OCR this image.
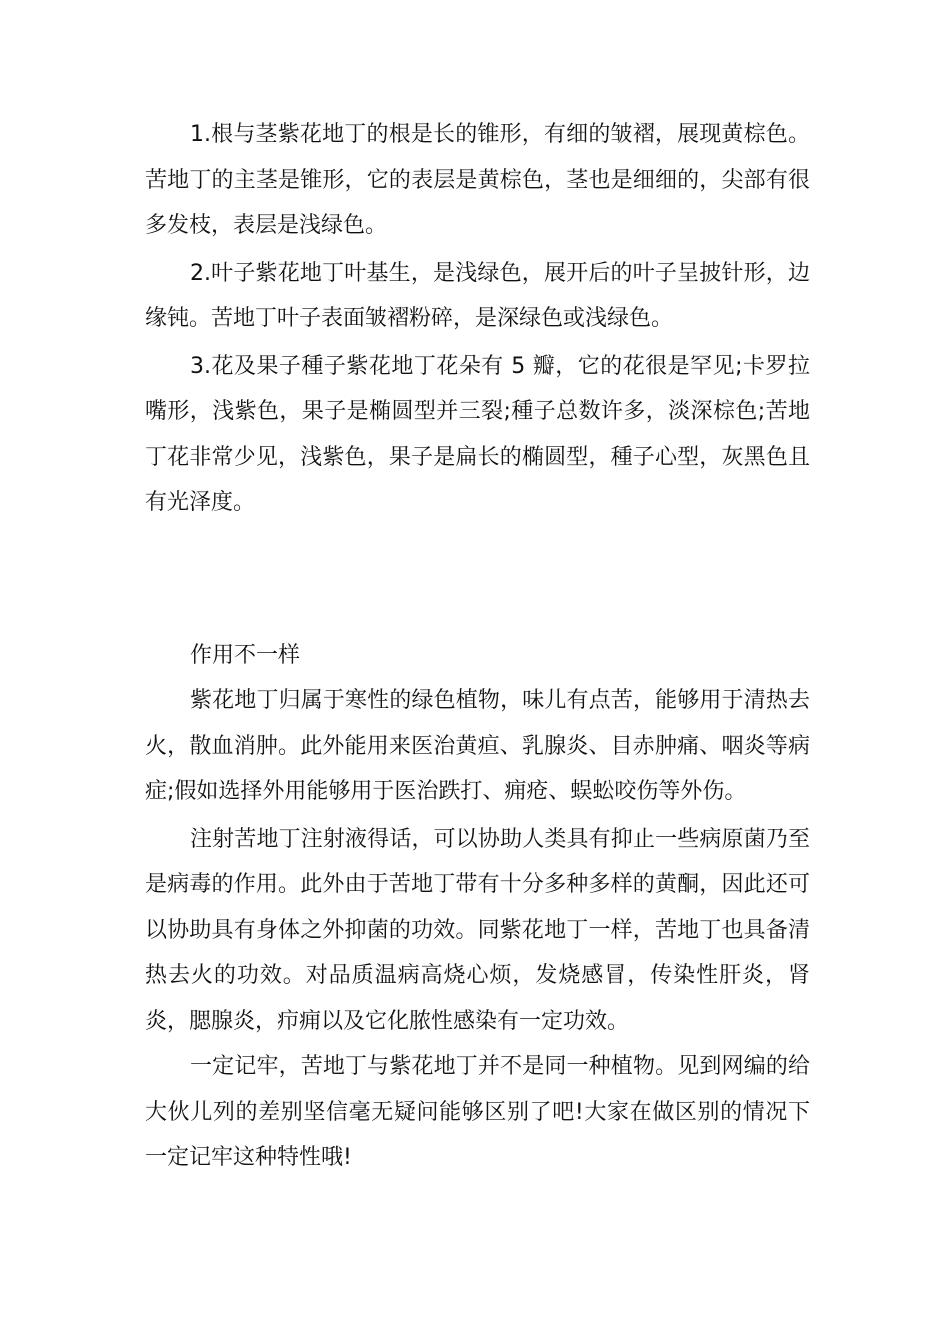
1.根与茎紫花地丁的根是长的锥形，有细的皱褶，展现黄棕色。苦地丁的主茎是锥形，它的表层是黄棕色，茎也是细细的，尖部有很多发枝，表层是浅绿色。

2.叶子紫花地丁叶基生，是浅绿色，展开后的叶子呈披针形，边缘钝。苦地丁叶子表面皱褶粉碎，是深绿色或浅绿色。

3.花及果子種子紫花地丁花朵有 5 瓣，它的花很是罕见;卡罗拉嘴形，浅紫色，果子是椭圆型并三裂;種子总数许多，淡深棕色;苦地丁花非常少见，浅紫色，果子是扁长的椭圆型，種子心型，灰黑色且有光泽度。

作用不一样

紫花地丁归属于寒性的绿色植物，味儿有点苦，能够用于清热去火，散血消肿。此外能用来医治黄疸、乳腺炎、目赤肿痛、咽炎等病症;假如选择外用能够用于医治跌打、痈疮、蜈蚣咬伤等外伤。

注射苦地丁注射液得话，可以协助人类具有抑止一些病原菌乃至是病毒的作用。此外由于苦地丁带有十分多种多样的黄酮，因此还可以协助具有身体之外抑菌的功效。同紫花地丁一样，苦地丁也具备清热去火的功效。对品质温病高烧心烦，发烧感冒，传染性肝炎，肾炎，腮腺炎，疖痈以及它化脓性感染有一定功效。

一定记牢，苦地丁与紫花地丁并不是同一种植物。见到网编的给大伙儿列的差别坚信毫无疑问能够区别了吧!大家在做区别的情况下一定记牢这种特性哦!
